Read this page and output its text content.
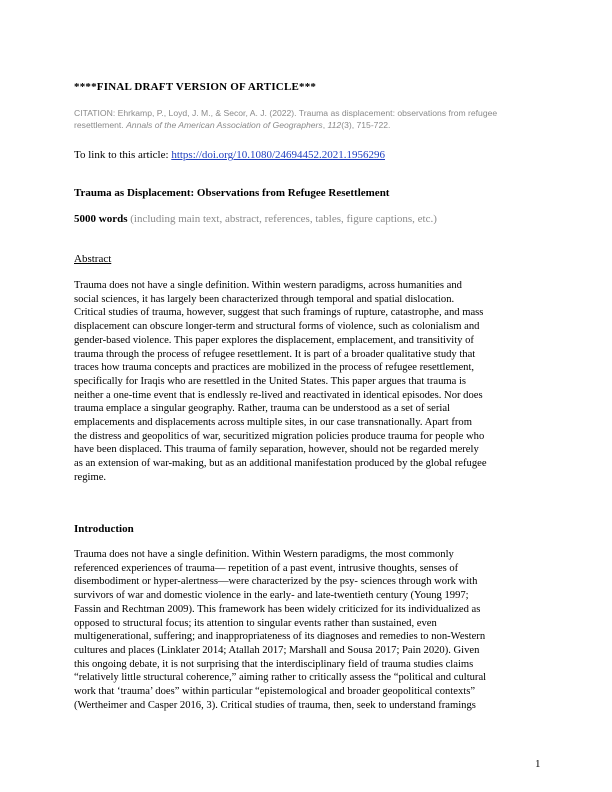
****FINAL DRAFT VERSION OF ARTICLE***
CITATION: Ehrkamp, P., Loyd, J. M., & Secor, A. J. (2022). Trauma as displacement: observations from refugee resettlement. Annals of the American Association of Geographers, 112(3), 715-722.
To link to this article: https://doi.org/10.1080/24694452.2021.1956296
Trauma as Displacement: Observations from Refugee Resettlement
5000 words (including main text, abstract, references, tables, figure captions, etc.)
Abstract
Trauma does not have a single definition. Within western paradigms, across humanities and
social sciences, it has largely been characterized through temporal and spatial dislocation.
Critical studies of trauma, however, suggest that such framings of rupture, catastrophe, and mass
displacement can obscure longer-term and structural forms of violence, such as colonialism and
gender-based violence. This paper explores the displacement, emplacement, and transitivity of
trauma through the process of refugee resettlement. It is part of a broader qualitative study that
traces how trauma concepts and practices are mobilized in the process of refugee resettlement,
specifically for Iraqis who are resettled in the United States. This paper argues that trauma is
neither a one-time event that is endlessly re-lived and reactivated in identical episodes. Nor does
trauma emplace a singular geography. Rather, trauma can be understood as a set of serial
emplacements and displacements across multiple sites, in our case transnationally. Apart from
the distress and geopolitics of war, securitized migration policies produce trauma for people who
have been displaced. This trauma of family separation, however, should not be regarded merely
as an extension of war-making, but as an additional manifestation produced by the global refugee
regime.
Introduction
Trauma does not have a single definition. Within Western paradigms, the most commonly
referenced experiences of trauma— repetition of a past event, intrusive thoughts, senses of
disembodiment or hyper-alertness—were characterized by the psy- sciences through work with
survivors of war and domestic violence in the early- and late-twentieth century (Young 1997;
Fassin and Rechtman 2009). This framework has been widely criticized for its individualized as
opposed to structural focus; its attention to singular events rather than sustained, even
multigenerational, suffering; and inappropriateness of its diagnoses and remedies to non-Western
cultures and places (Linklater 2014; Atallah 2017; Marshall and Sousa 2017; Pain 2020). Given
this ongoing debate, it is not surprising that the interdisciplinary field of trauma studies claims
“relatively little structural coherence,” aiming rather to critically assess the “political and cultural
work that ‘trauma’ does” within particular “epistemological and broader geopolitical contexts”
(Wertheimer and Casper 2016, 3). Critical studies of trauma, then, seek to understand framings
1
